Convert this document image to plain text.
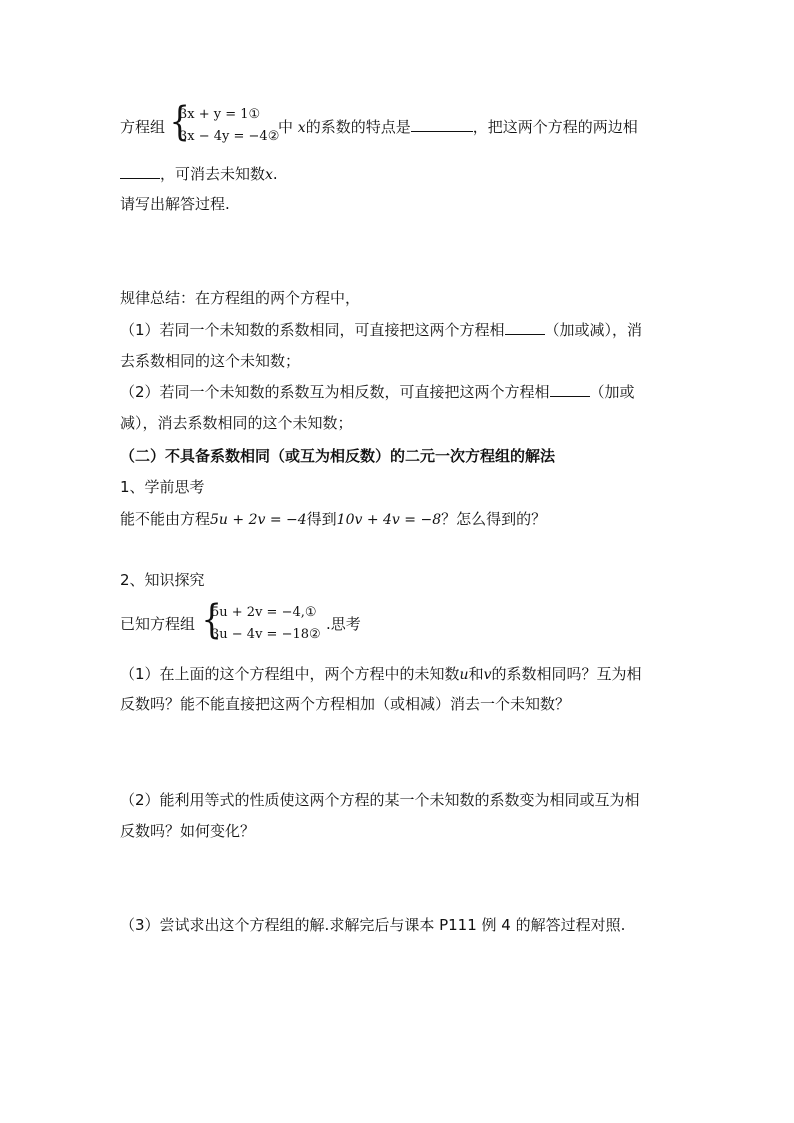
方程组 {
3x + y = 1①
3x − 4y = −4②
中 x的系数的特点是	，把这两个方程的两边相
，可消去未知数x.
请写出解答过程.
规律总结：在方程组的两个方程中，
（1）若同一个未知数的系数相同，可直接把这两个方程相	（加或减），消
去系数相同的这个未知数；
（2）若同一个未知数的系数互为相反数，可直接把这两个方程相	（加或
减），消去系数相同的这个未知数；
（二）不具备系数相同（或互为相反数）的二元一次方程组的解法
1、学前思考
能不能由方程5u + 2v = −4得到10v + 4v = −8？怎么得到的？
2、知识探究
已知方程组 {
5u + 2v = −4,①
3u − 4v = −18②
.思考
（1）在上面的这个方程组中，两个方程中的未知数u和v的系数相同吗？互为相
反数吗？能不能直接把这两个方程相加（或相减）消去一个未知数？
（2）能利用等式的性质使这两个方程的某一个未知数的系数变为相同或互为相
反数吗？如何变化？
（3）尝试求出这个方程组的解.求解完后与课本 P111 例 4 的解答过程对照.
